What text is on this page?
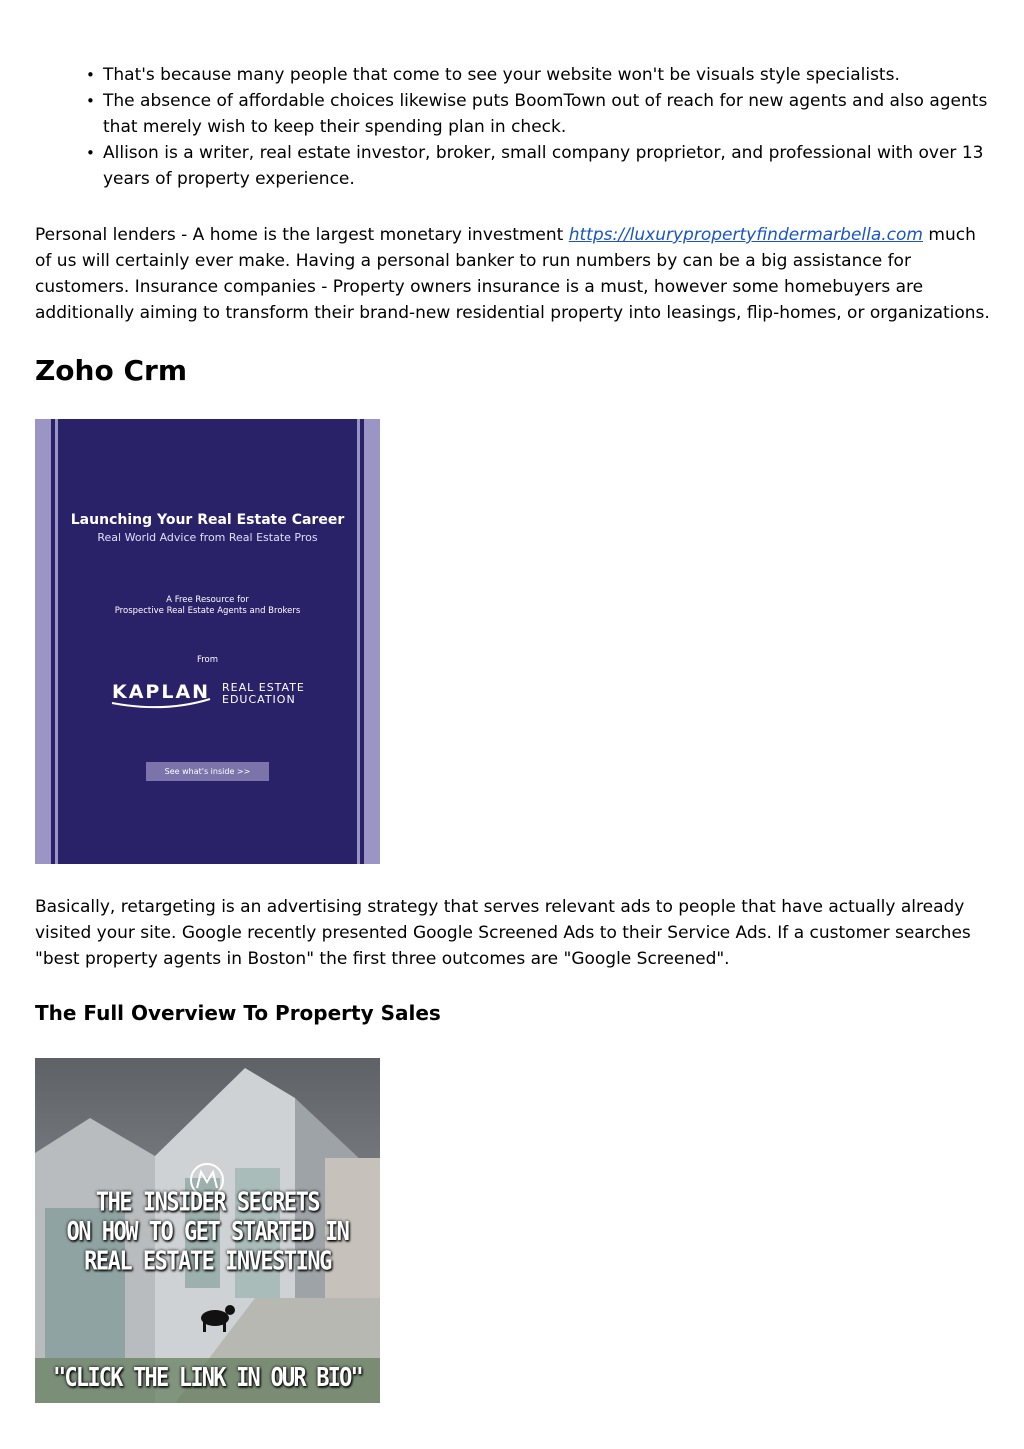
• That's because many people that come to see your website won't be visuals style specialists.
• The absence of affordable choices likewise puts BoomTown out of reach for new agents and also agents that merely wish to keep their spending plan in check.
• Allison is a writer, real estate investor, broker, small company proprietor, and professional with over 13 years of property experience.

Personal lenders - A home is the largest monetary investment https://luxurypropertyfindermarbella.com much of us will certainly ever make. Having a personal banker to run numbers by can be a big assistance for customers. Insurance companies - Property owners insurance is a must, however some homebuyers are additionally aiming to transform their brand-new residential property into leasings, flip-homes, or organizations.

Zoho Crm
Launching Your Real Estate Career
Real World Advice from Real Estate Pros
A Free Resource for
Prospective Real Estate Agents and Brokers
From
KAPLAN REAL ESTATE
EDUCATION
See what's inside >>

Basically, retargeting is an advertising strategy that serves relevant ads to people that have actually already visited your site. Google recently presented Google Screened Ads to their Service Ads. If a customer searches "best property agents in Boston" the first three outcomes are "Google Screened".

The Full Overview To Property Sales
THE INSIDER SECRETS
ON HOW TO GET STARTED IN
REAL ESTATE INVESTING
"CLICK THE LINK IN OUR BIO"
